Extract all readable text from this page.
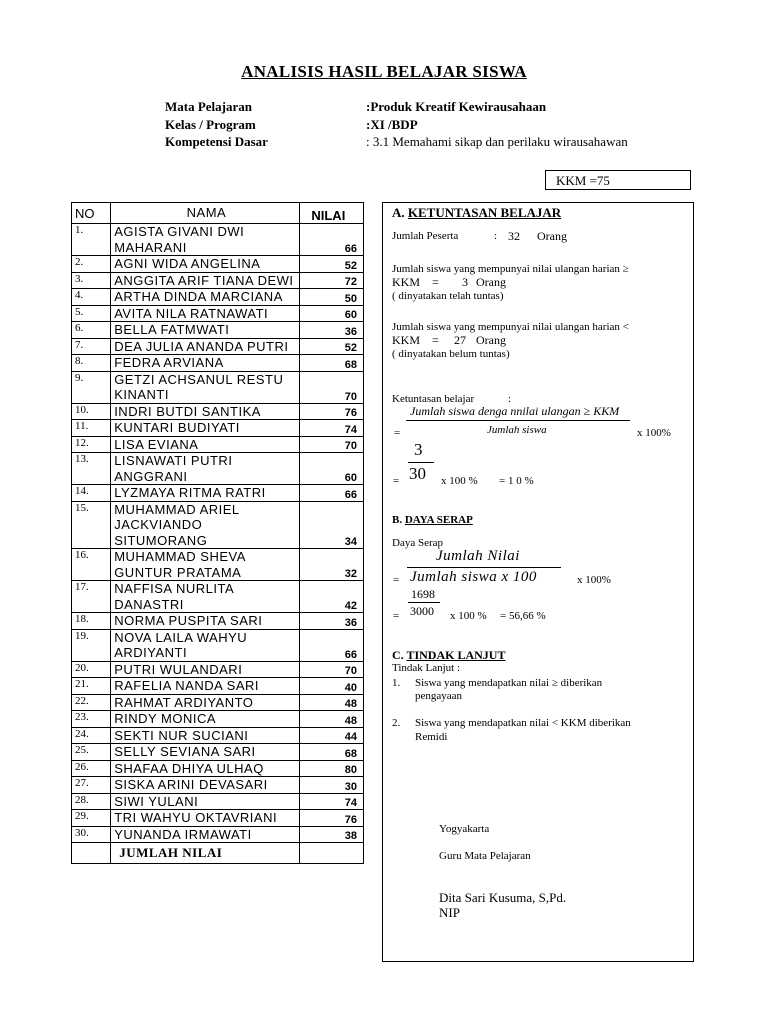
ANALISIS HASIL BELAJAR SISWA
Mata Pelajaran	:Produk Kreatif Kewirausahaan
Kelas / Program	:XI /BDP
Kompetensi Dasar	: 3.1 Memahami sikap dan perilaku wirausahawan
KKM =75
NO	NAMA	NILAI
1.	AGISTA GIVANI DWI MAHARANI	66
2.	AGNI WIDA ANGELINA	52
3.	ANGGITA ARIF TIANA DEWI	72
4.	ARTHA DINDA MARCIANA	50
5.	AVITA NILA RATNAWATI	60
6.	BELLA FATMWATI	36
7.	DEA JULIA ANANDA PUTRI	52
8.	FEDRA ARVIANA	68
9.	GETZI ACHSANUL RESTU KINANTI	70
10.	INDRI BUTDI SANTIKA	76
11.	KUNTARI BUDIYATI	74
12.	LISA EVIANA	70
13.	LISNAWATI PUTRI ANGGRANI	60
14.	LYZMAYA RITMA RATRI	66
15.	MUHAMMAD ARIEL JACKVIANDO SITUMORANG	34
16.	MUHAMMAD SHEVA GUNTUR PRATAMA	32
17.	NAFFISA NURLITA DANASTRI	42
18.	NORMA PUSPITA SARI	36
19.	NOVA LAILA WAHYU ARDIYANTI	66
20.	PUTRI WULANDARI	70
21.	RAFELIA NANDA SARI	40
22.	RAHMAT ARDIYANTO	48
23.	RINDY MONICA	48
24.	SEKTI NUR SUCIANI	44
25.	SELLY SEVIANA SARI	68
26.	SHAFAA DHIYA ULHAQ	80
27.	SISKA ARINI DEVASARI	30
28.	SIWI YULANI	74
29.	TRI WAHYU OKTAVRIANI	76
30.	YUNANDA IRMAWATI	38
	JUMLAH NILAI	
A. KETUNTASAN BELAJAR
Jumlah Peserta	: 32 Orang
Jumlah siswa yang mempunyai nilai ulangan harian ≥
KKM = 3 Orang
( dinyatakan telah tuntas)
Jumlah siswa yang mempunyai nilai ulangan harian <
KKM = 27 Orang
( dinyatakan belum tuntas)
Ketuntasan belajar	:
Jumlah siswa denga nnilai ulangan ≥ KKM
Jumlah siswa
=	x 100%
3
30
=	x 100 % = 1 0 %
B. DAYA SERAP
Daya Serap
Jumlah Nilai
Jumlah siswa x 100
=	x 100%
1698
3000
=	x 100 % = 56,66 %
C. TINDAK LANJUT
Tindak Lanjut :
1. Siswa yang mendapatkan nilai ≥ diberikan
pengayaan
2. Siswa yang mendapatkan nilai < KKM diberikan
Remidi
Yogyakarta
Guru Mata Pelajaran
Dita Sari Kusuma, S,Pd.
NIP
